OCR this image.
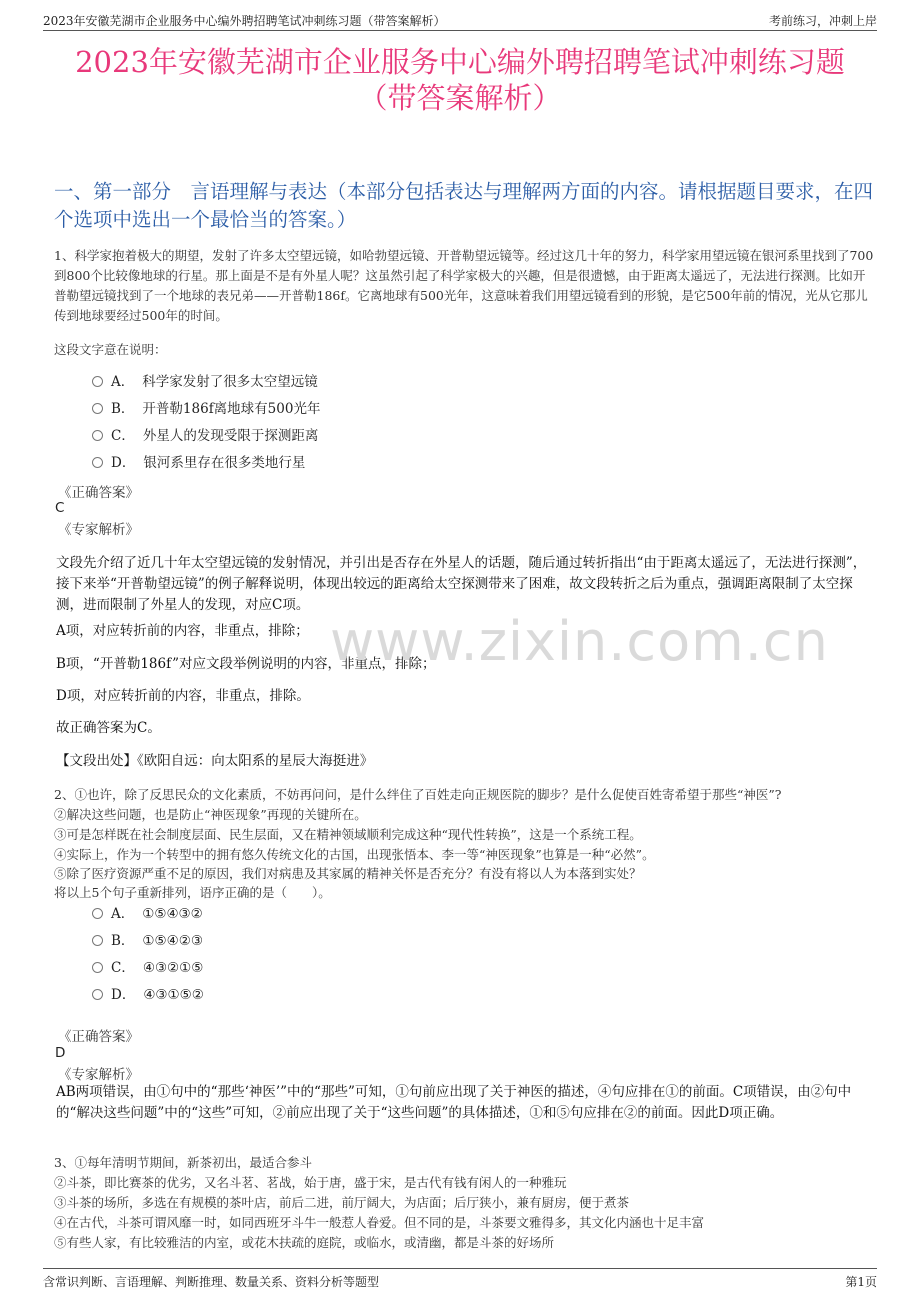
2023年安徽芜湖市企业服务中心编外聘招聘笔试冲刺练习题（带答案解析）	考前练习，冲刺上岸
2023年安徽芜湖市企业服务中心编外聘招聘笔试冲刺练习题
（带答案解析）
一、第一部分　言语理解与表达（本部分包括表达与理解两方面的内容。请根据题目要求，在四个选项中选出一个最恰当的答案。）
1、科学家抱着极大的期望，发射了许多太空望远镜，如哈勃望远镜、开普勒望远镜等。经过这几十年的努力，科学家用望远镜在银河系里找到了700到800个比较像地球的行星。那上面是不是有外星人呢？这虽然引起了科学家极大的兴趣，但是很遗憾，由于距离太遥远了，无法进行探测。比如开普勒望远镜找到了一个地球的表兄弟——开普勒186f。它离地球有500光年，这意味着我们用望远镜看到的形貌，是它500年前的情况，光从它那儿传到地球要经过500年的时间。
这段文字意在说明：
A． 科学家发射了很多太空望远镜
B． 开普勒186f离地球有500光年
C． 外星人的发现受限于探测距离
D． 银河系里存在很多类地行星
《正确答案》
C
《专家解析》
文段先介绍了近几十年太空望远镜的发射情况，并引出是否存在外星人的话题，随后通过转折指出“由于距离太遥远了，无法进行探测”，接下来举“开普勒望远镜”的例子解释说明，体现出较远的距离给太空探测带来了困难，故文段转折之后为重点，强调距离限制了太空探测，进而限制了外星人的发现，对应C项。
A项，对应转折前的内容，非重点，排除；
B项，“开普勒186f”对应文段举例说明的内容，非重点，排除；
D项，对应转折前的内容，非重点，排除。
故正确答案为C。
【文段出处】《欧阳自远：向太阳系的星辰大海挺进》
www.zixin.com.cn
2、①也许，除了反思民众的文化素质，不妨再问问，是什么绊住了百姓走向正规医院的脚步？是什么促使百姓寄希望于那些“神医”?
②解决这些问题，也是防止“神医现象”再现的关键所在。
③可是怎样既在社会制度层面、民生层面，又在精神领域顺利完成这种“现代性转换”，这是一个系统工程。
④实际上，作为一个转型中的拥有悠久传统文化的古国，出现张悟本、李一等“神医现象”也算是一种“必然”。
⑤除了医疗资源严重不足的原因，我们对病患及其家属的精神关怀是否充分？有没有将以人为本落到实处？
将以上5个句子重新排列，语序正确的是（　　）。
A． ①⑤④③②
B． ①⑤④②③
C． ④③②①⑤
D． ④③①⑤②
《正确答案》
D
《专家解析》
AB两项错误，由①句中的“那些‘神医’”中的“那些”可知，①句前应出现了关于神医的描述，④句应排在①的前面。C项错误，由②句中的“解决这些问题”中的“这些”可知，②前应出现了关于“这些问题”的具体描述，①和⑤句应排在②的前面。因此D项正确。
3、①每年清明节期间，新茶初出，最适合参斗
②斗茶，即比赛茶的优劣，又名斗茗、茗战，始于唐，盛于宋，是古代有钱有闲人的一种雅玩
③斗茶的场所，多选在有规模的茶叶店，前后二进，前厅阔大，为店面；后厅狭小，兼有厨房，便于煮茶
④在古代，斗茶可谓风靡一时，如同西班牙斗牛一般惹人眷爱。但不同的是，斗茶要文雅得多，其文化内涵也十足丰富
⑤有些人家，有比较雅洁的内室，或花木扶疏的庭院，或临水，或清幽，都是斗茶的好场所
含常识判断、言语理解、判断推理、数量关系、资料分析等题型	第1页
